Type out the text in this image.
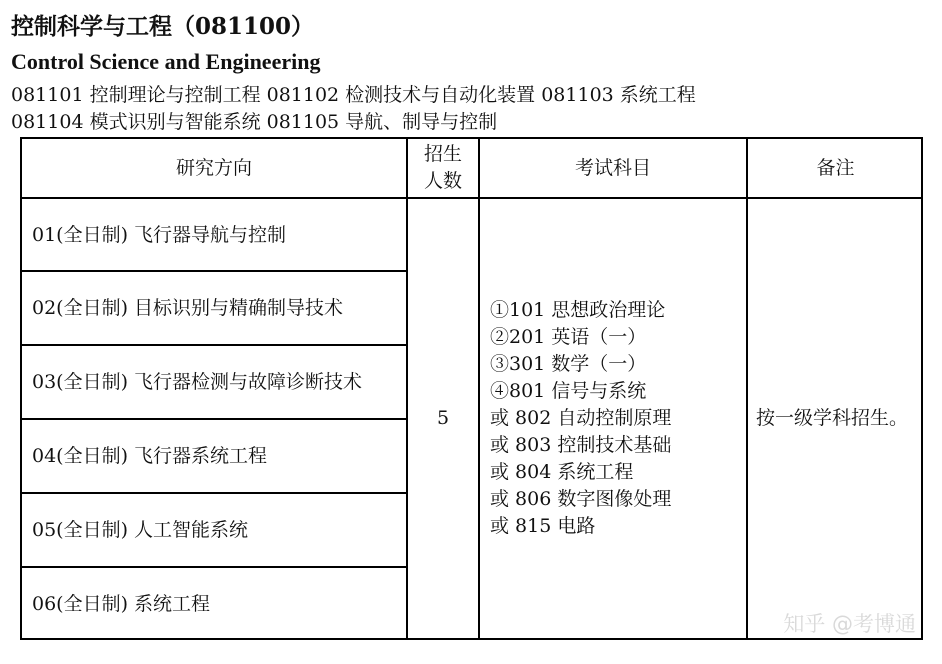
控制科学与工程（081100）
Control Science and Engineering
081101 控制理论与控制工程 081102 检测技术与自动化装置 081103 系统工程
081104 模式识别与智能系统 081105 导航、制导与控制
研究方向
招生
人数
考试科目	备注
01(全日制) 飞行器导航与控制
02(全日制) 目标识别与精确制导技术
03(全日制) 飞行器检测与故障诊断技术
04(全日制) 飞行器系统工程
05(全日制) 人工智能系统
06(全日制) 系统工程
5
①101 思想政治理论
②201 英语（一）
③301 数学（一）
④801 信号与系统
或 802 自动控制原理
或 803 控制技术基础
或 804 系统工程
或 806 数字图像处理
或 815 电路
按一级学科招生。
知乎 @考博通
